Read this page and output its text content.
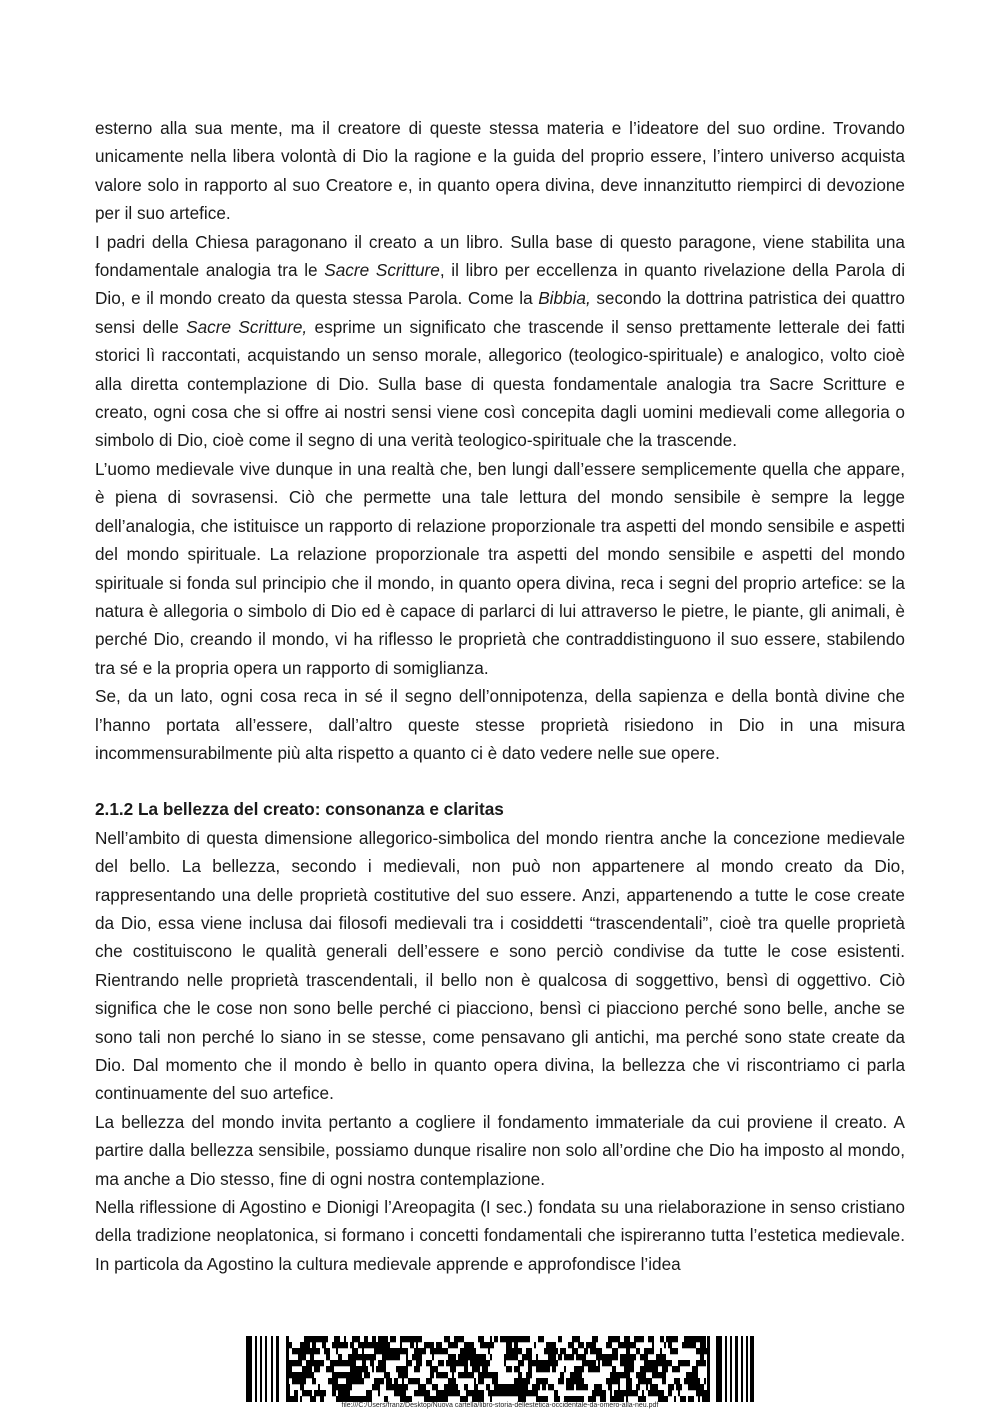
esterno alla sua mente, ma il creatore di queste stessa materia e l’ideatore del suo ordine. Trovando unicamente nella libera volontà di Dio la ragione e la guida del proprio essere, l’intero universo acquista valore solo in rapporto al suo Creatore e, in quanto opera divina, deve innanzitutto riempirci di devozione per il suo artefice.

I padri della Chiesa paragonano il creato a un libro. Sulla base di questo paragone, viene stabilita una fondamentale analogia tra le Sacre Scritture, il libro per eccellenza in quanto rivelazione della Parola di Dio, e il mondo creato da questa stessa Parola. Come la Bibbia, secondo la dottrina patristica dei quattro sensi delle Sacre Scritture, esprime un significato che trascende il senso prettamente letterale dei fatti storici lì raccontati, acquistando un senso morale, allegorico (teologico-spirituale) e analogico, volto cioè alla diretta contemplazione di Dio. Sulla base di questa fondamentale analogia tra Sacre Scritture e creato, ogni cosa che si offre ai nostri sensi viene così concepita dagli uomini medievali come allegoria o simbolo di Dio, cioè come il segno di una verità teologico-spirituale che la trascende.

L’uomo medievale vive dunque in una realtà che, ben lungi dall’essere semplicemente quella che appare, è piena di sovrasensi. Ciò che permette una tale lettura del mondo sensibile è sempre la legge dell’analogia, che istituisce un rapporto di relazione proporzionale tra aspetti del mondo sensibile e aspetti del mondo spirituale. La relazione proporzionale tra aspetti del mondo sensibile e aspetti del mondo spirituale si fonda sul principio che il mondo, in quanto opera divina, reca i segni del proprio artefice: se la natura è allegoria o simbolo di Dio ed è capace di parlarci di lui attraverso le pietre, le piante, gli animali, è perché Dio, creando il mondo, vi ha riflesso le proprietà che contraddistinguono il suo essere, stabilendo tra sé e la propria opera un rapporto di somiglianza.

Se, da un lato, ogni cosa reca in sé il segno dell’onnipotenza, della sapienza e della bontà divine che l’hanno portata all’essere, dall’altro queste stesse proprietà risiedono in Dio in una misura incommensurabilmente più alta rispetto a quanto ci è dato vedere nelle sue opere.

2.1.2 La bellezza del creato: consonanza e claritas

Nell’ambito di questa dimensione allegorico-simbolica del mondo rientra anche la concezione medievale del bello. La bellezza, secondo i medievali, non può non appartenere al mondo creato da Dio, rappresentando una delle proprietà costitutive del suo essere. Anzi, appartenendo a tutte le cose create da Dio, essa viene inclusa dai filosofi medievali tra i cosiddetti “trascendentali”, cioè tra quelle proprietà che costituiscono le qualità generali dell’essere e sono perciò condivise da tutte le cose esistenti. Rientrando nelle proprietà trascendentali, il bello non è qualcosa di soggettivo, bensì di oggettivo. Ciò significa che le cose non sono belle perché ci piacciono, bensì ci piacciono perché sono belle, anche se sono tali non perché lo siano in se stesse, come pensavano gli antichi, ma perché sono state create da Dio. Dal momento che il mondo è bello in quanto opera divina, la bellezza che vi riscontriamo ci parla continuamente del suo artefice.

La bellezza del mondo invita pertanto a cogliere il fondamento immateriale da cui proviene il creato. A partire dalla bellezza sensibile, possiamo dunque risalire non solo all’ordine che Dio ha imposto al mondo, ma anche a Dio stesso, fine di ogni nostra contemplazione.

Nella riflessione di Agostino e Dionigi l’Areopagita (I sec.) fondata su una rielaborazione in senso cristiano della tradizione neoplatonica, si formano i concetti fondamentali che ispireranno tutta l’estetica medievale. In particola da Agostino la cultura medievale apprende e approfondisce l’idea

file:///C:/Users/franz/Desktop/Nuova cartella/libro-storia-dellestetica-occidentale-da-omero-alla-neu.pdf
